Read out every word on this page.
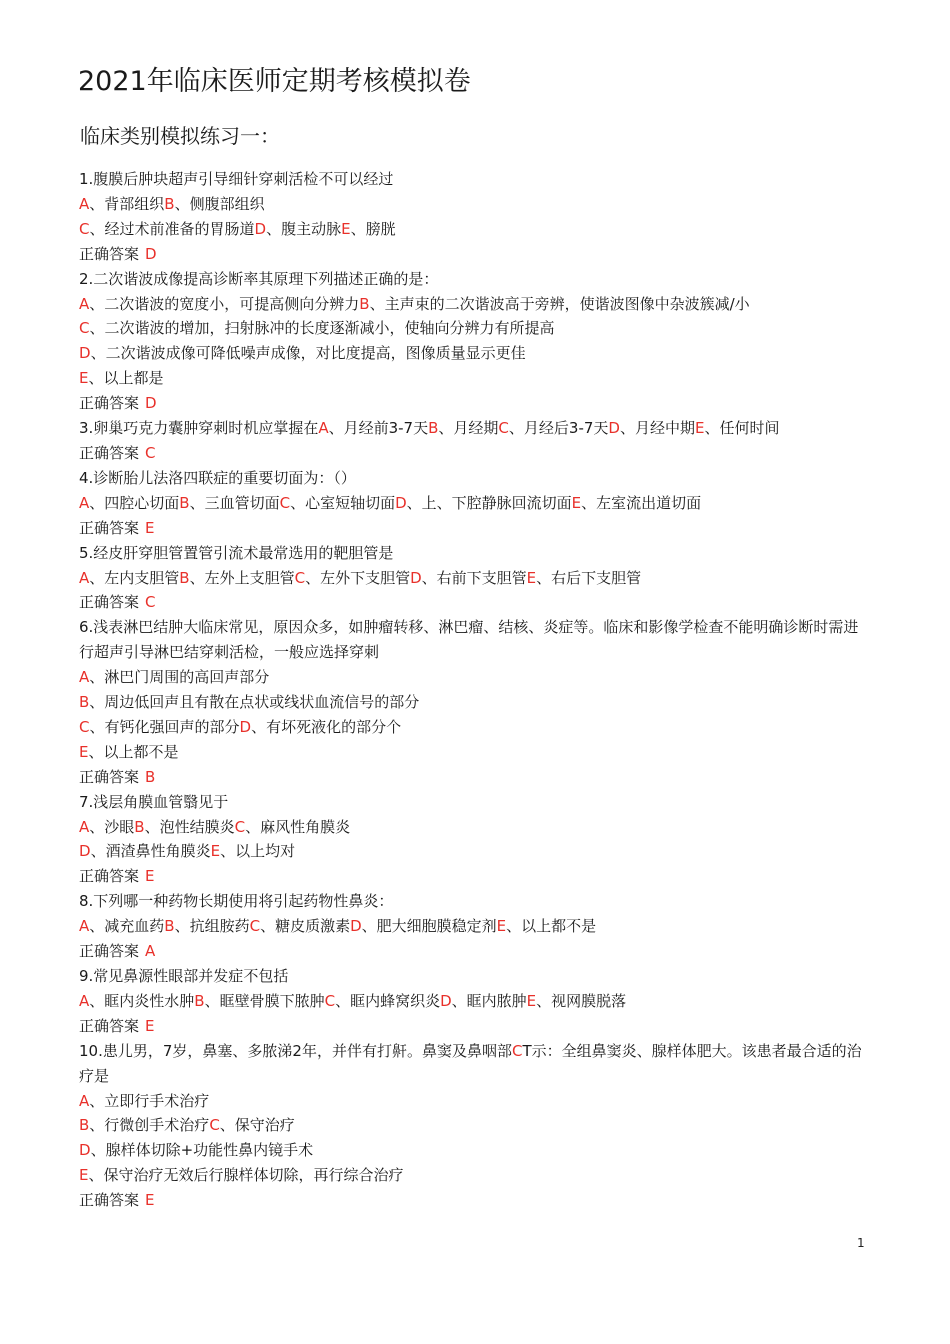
2021年临床医师定期考核模拟卷
临床类别模拟练习一：
1.腹膜后肿块超声引导细针穿刺活检不可以经过
A、背部组织B、侧腹部组织
C、经过术前准备的胃肠道D、腹主动脉E、膀胱
正确答案 D
2.二次谐波成像提高诊断率其原理下列描述正确的是：
A、二次谐波的宽度小，可提高侧向分辨力B、主声束的二次谐波高于旁辨，使谐波图像中杂波簇减/小
C、二次谐波的增加，扫射脉冲的长度逐渐减小，使轴向分辨力有所提高
D、二次谐波成像可降低噪声成像，对比度提高，图像质量显示更佳
E、以上都是
正确答案 D
3.卵巢巧克力囊肿穿刺时机应掌握在A、月经前3-7天B、月经期C、月经后3-7天D、月经中期E、任何时间
正确答案 C
4.诊断胎儿法洛四联症的重要切面为：（）
A、四腔心切面B、三血管切面C、心室短轴切面D、上、下腔静脉回流切面E、左室流出道切面
正确答案 E
5.经皮肝穿胆管置管引流术最常选用的靶胆管是
A、左内支胆管B、左外上支胆管C、左外下支胆管D、右前下支胆管E、右后下支胆管
正确答案 C
6.浅表淋巴结肿大临床常见，原因众多，如肿瘤转移、淋巴瘤、结核、炎症等。临床和影像学检查不能明确诊断时需进行超声引导淋巴结穿刺活检，一般应选择穿刺
A、淋巴门周围的高回声部分
B、周边低回声且有散在点状或线状血流信号的部分
C、有钙化强回声的部分D、有坏死液化的部分个
E、以上都不是
正确答案 B
7.浅层角膜血管翳见于
A、沙眼B、泡性结膜炎C、麻风性角膜炎
D、酒渣鼻性角膜炎E、以上均对
正确答案 E
8.下列哪一种药物长期使用将引起药物性鼻炎：
A、减充血药B、抗组胺药C、糖皮质激素D、肥大细胞膜稳定剂E、以上都不是
正确答案 A
9.常见鼻源性眼部并发症不包括
A、眶内炎性水肿B、眶壁骨膜下脓肿C、眶内蜂窝织炎D、眶内脓肿E、视网膜脱落
正确答案 E
10.患儿男，7岁，鼻塞、多脓涕2年，并伴有打鼾。鼻窦及鼻咽部CT示：全组鼻窦炎、腺样体肥大。该患者最合适的治疗是
A、立即行手术治疗
B、行微创手术治疗C、保守治疗
D、腺样体切除+功能性鼻内镜手术
E、保守治疗无效后行腺样体切除，再行综合治疗
正确答案 E
1
